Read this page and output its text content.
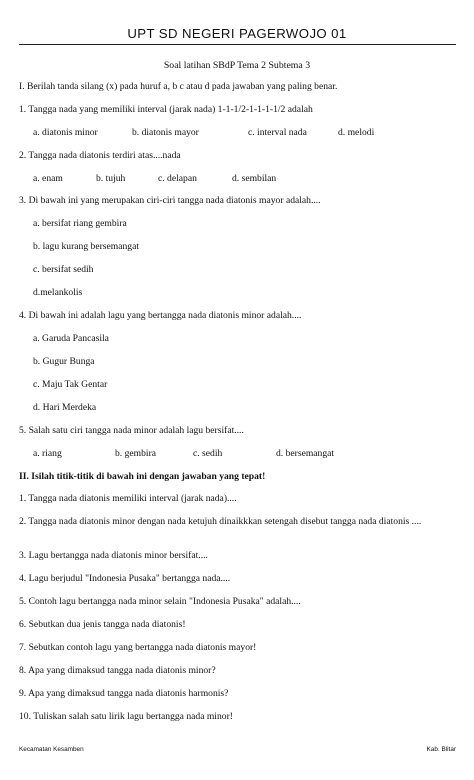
UPT SD NEGERI PAGERWOJO 01
Soal latihan SBdP Tema 2 Subtema 3
I. Berilah tanda silang (x) pada huruf a, b c atau d pada jawaban yang paling benar.
1. Tangga nada yang memiliki interval (jarak nada) 1-1-1/2-1-1-1-1/2 adalah
a. diatonis minor	b. diatonis mayor	c. interval nada	d. melodi
2. Tangga nada diatonis terdiri atas....nada
a. enam	b. tujuh	c. delapan	d. sembilan
3. Di bawah ini yang merupakan ciri-ciri tangga nada diatonis mayor adalah....
a. bersifat riang gembira
b. lagu kurang bersemangat
c. bersifat sedih
d.melankolis
4. Di bawah ini adalah lagu yang bertangga nada diatonis minor adalah....
a. Garuda Pancasila
b. Gugur Bunga
c. Maju Tak Gentar
d. Hari Merdeka
5. Salah satu ciri tangga nada minor adalah lagu bersifat....
a. riang	b. gembira	c. sedih	d. bersemangat
II. Isilah titik-titik di bawah ini dengan jawaban yang tepat!
1. Tangga nada diatonis memiliki interval (jarak nada)....
2. Tangga nada diatonis minor dengan nada ketujuh dinaikkkan setengah disebut tangga nada diatonis ....
3. Lagu bertangga nada diatonis minor bersifat....
4. Lagu berjudul "Indonesia Pusaka" bertangga nada....
5. Contoh lagu bertangga nada minor selain "Indonesia Pusaka" adalah....
6. Sebutkan dua jenis tangga nada diatonis!
7. Sebutkan contoh lagu yang bertangga nada diatonis mayor!
8. Apa yang dimaksud tangga nada diatonis minor?
9. Apa yang dimaksud tangga nada diatonis harmonis?
10. Tuliskan salah satu lirik lagu bertangga nada minor!
Kecamatan Kesamben	Kab. Blitar
